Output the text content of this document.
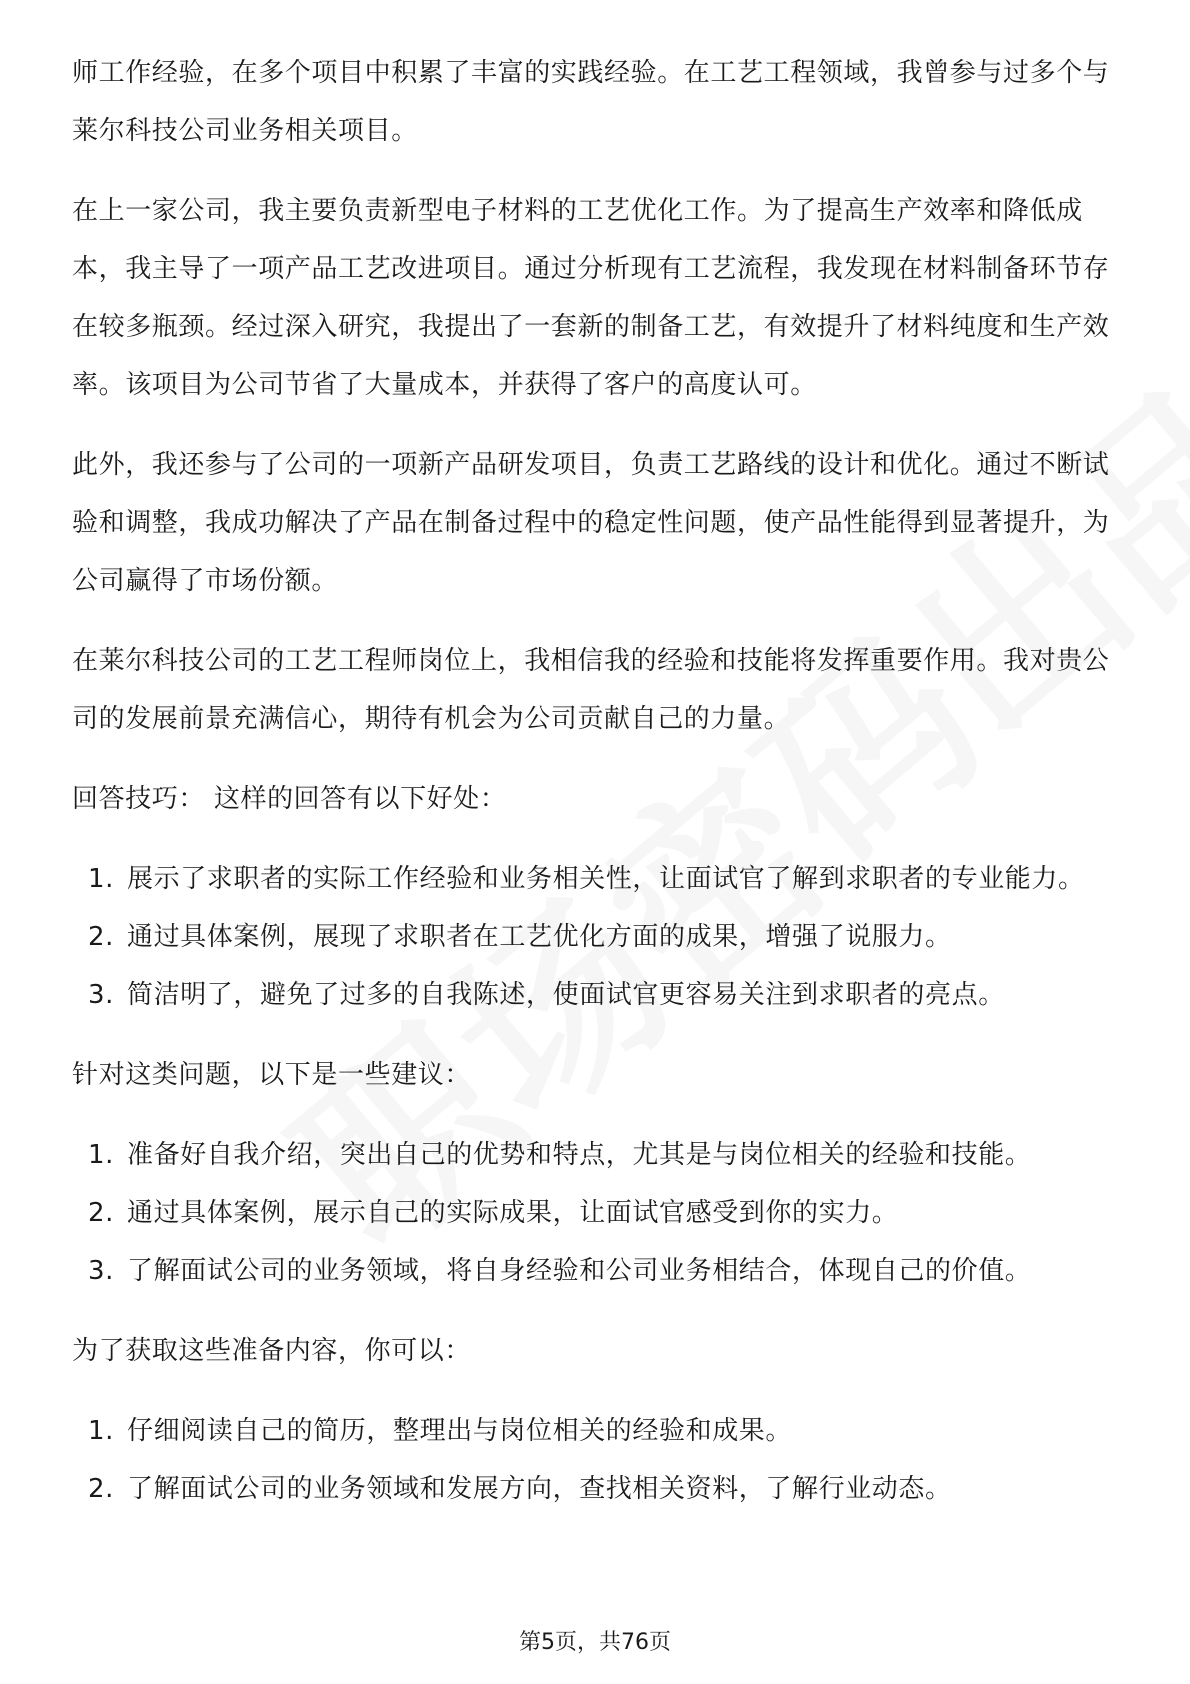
师工作经验，在多个项目中积累了丰富的实践经验。在工艺工程领域，我曾参与过多个与莱尔科技公司业务相关项目。

在上一家公司，我主要负责新型电子材料的工艺优化工作。为了提高生产效率和降低成本，我主导了一项产品工艺改进项目。通过分析现有工艺流程，我发现在材料制备环节存在较多瓶颈。经过深入研究，我提出了一套新的制备工艺，有效提升了材料纯度和生产效率。该项目为公司节省了大量成本，并获得了客户的高度认可。

此外，我还参与了公司的一项新产品研发项目，负责工艺路线的设计和优化。通过不断试验和调整，我成功解决了产品在制备过程中的稳定性问题，使产品性能得到显著提升，为公司赢得了市场份额。

在莱尔科技公司的工艺工程师岗位上，我相信我的经验和技能将发挥重要作用。我对贵公司的发展前景充满信心，期待有机会为公司贡献自己的力量。

回答技巧： 这样的回答有以下好处：

1. 展示了求职者的实际工作经验和业务相关性，让面试官了解到求职者的专业能力。
2. 通过具体案例，展现了求职者在工艺优化方面的成果，增强了说服力。
3. 简洁明了，避免了过多的自我陈述，使面试官更容易关注到求职者的亮点。

针对这类问题，以下是一些建议：

1. 准备好自我介绍，突出自己的优势和特点，尤其是与岗位相关的经验和技能。
2. 通过具体案例，展示自己的实际成果，让面试官感受到你的实力。
3. 了解面试公司的业务领域，将自身经验和公司业务相结合，体现自己的价值。

为了获取这些准备内容，你可以：

1. 仔细阅读自己的简历，整理出与岗位相关的经验和成果。
2. 了解面试公司的业务领域和发展方向，查找相关资料，了解行业动态。
第5页，共76页
